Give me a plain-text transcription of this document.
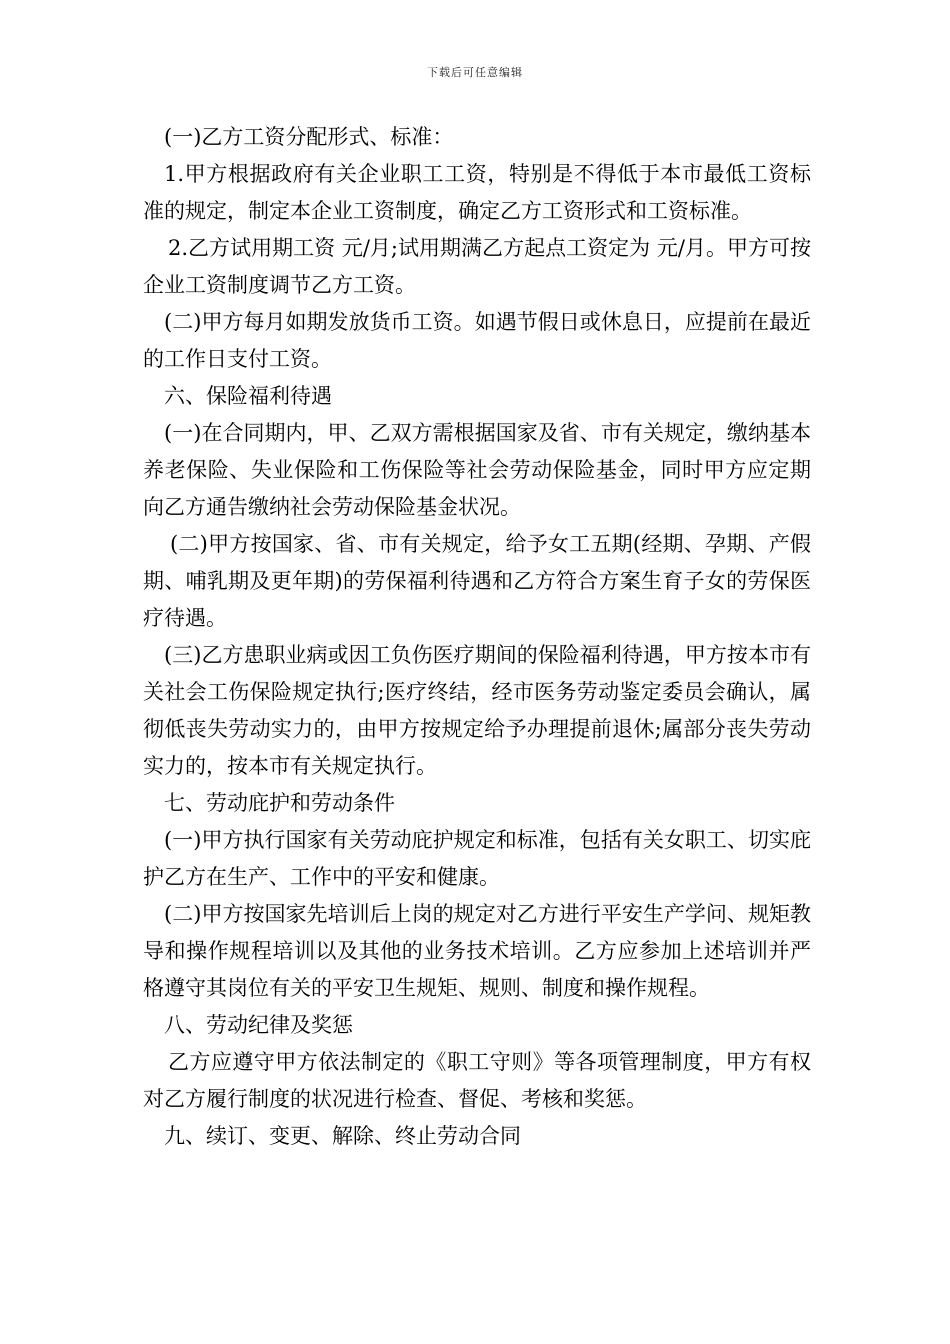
下载后可任意编辑

(一)乙方工资分配形式、标准：

1.甲方根据政府有关企业职工工资，特别是不得低于本市最低工资标准的规定，制定本企业工资制度，确定乙方工资形式和工资标准。

2.乙方试用期工资 元/月;试用期满乙方起点工资定为 元/月。甲方可按企业工资制度调节乙方工资。

(二)甲方每月如期发放货币工资。如遇节假日或休息日，应提前在最近的工作日支付工资。

六、保险福利待遇

(一)在合同期内，甲、乙双方需根据国家及省、市有关规定，缴纳基本养老保险、失业保险和工伤保险等社会劳动保险基金，同时甲方应定期向乙方通告缴纳社会劳动保险基金状况。

(二)甲方按国家、省、市有关规定，给予女工五期(经期、孕期、产假期、哺乳期及更年期)的劳保福利待遇和乙方符合方案生育子女的劳保医疗待遇。

(三)乙方患职业病或因工负伤医疗期间的保险福利待遇，甲方按本市有关社会工伤保险规定执行;医疗终结，经市医务劳动鉴定委员会确认，属彻低丧失劳动实力的，由甲方按规定给予办理提前退休;属部分丧失劳动实力的，按本市有关规定执行。

七、劳动庇护和劳动条件

(一)甲方执行国家有关劳动庇护规定和标准，包括有关女职工、切实庇护乙方在生产、工作中的平安和健康。

(二)甲方按国家先培训后上岗的规定对乙方进行平安生产学问、规矩教导和操作规程培训以及其他的业务技术培训。乙方应参加上述培训并严格遵守其岗位有关的平安卫生规矩、规则、制度和操作规程。

八、劳动纪律及奖惩

乙方应遵守甲方依法制定的《职工守则》等各项管理制度，甲方有权对乙方履行制度的状况进行检查、督促、考核和奖惩。

九、续订、变更、解除、终止劳动合同
